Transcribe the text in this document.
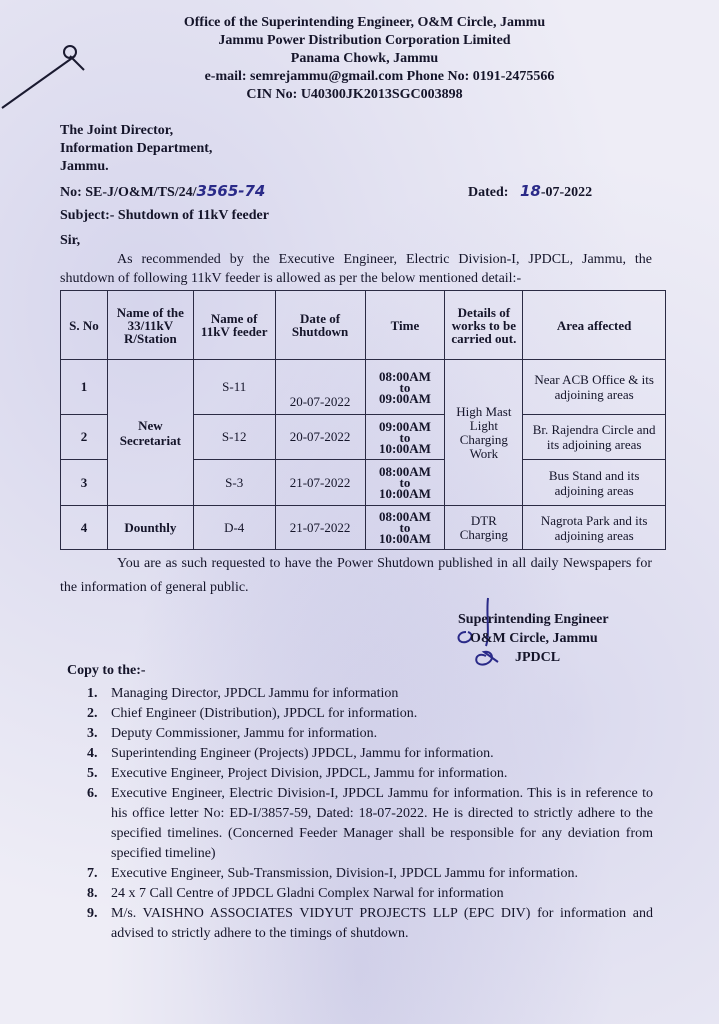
Office of the Superintending Engineer, O&M Circle, Jammu
Jammu Power Distribution Corporation Limited
Panama Chowk, Jammu
e-mail: semrejammu@gmail.com Phone No: 0191-2475566
CIN No: U40300JK2013SGC003898
The Joint Director,
Information Department,
Jammu.
No: SE-J/O&M/TS/24/3565-74	Dated: 18-07-2022
Subject:- Shutdown of 11kV feeder
Sir,
As recommended by the Executive Engineer, Electric Division-I, JPDCL, Jammu, the shutdown of following 11kV feeder is allowed as per the below mentioned detail:-
S. No	Name of the 33/11kV R/Station	Name of 11kV feeder	Date of Shutdown	Time	Details of works to be carried out.	Area affected
1	New Secretariat	S-11	20-07-2022	08:00AM
to
09:00AM	High Mast Light Charging Work	Near ACB Office & its adjoining areas
2		S-12	20-07-2022	09:00AM
to
10:00AM		Br. Rajendra Circle and its adjoining areas
3		S-3	21-07-2022	08:00AM
to
10:00AM		Bus Stand and its adjoining areas
4	Dounthly	D-4	21-07-2022	08:00AM
to
10:00AM	DTR Charging	Nagrota Park and its adjoining areas
You are as such requested to have the Power Shutdown published in all daily Newspapers for the information of general public.
Superintending Engineer
O&M Circle, Jammu
JPDCL
Copy to the:-
1. Managing Director, JPDCL Jammu for information
2. Chief Engineer (Distribution), JPDCL for information.
3. Deputy Commissioner, Jammu for information.
4. Superintending Engineer (Projects) JPDCL, Jammu for information.
5. Executive Engineer, Project Division, JPDCL, Jammu for information.
6. Executive Engineer, Electric Division-I, JPDCL Jammu for information. This is in reference to his office letter No: ED-I/3857-59, Dated: 18-07-2022. He is directed to strictly adhere to the specified timelines. (Concerned Feeder Manager shall be responsible for any deviation from specified timeline)
7. Executive Engineer, Sub-Transmission, Division-I, JPDCL Jammu for information.
8. 24 x 7 Call Centre of JPDCL Gladni Complex Narwal for information
9. M/s. VAISHNO ASSOCIATES VIDYUT PROJECTS LLP (EPC DIV) for information and advised to strictly adhere to the timings of shutdown.
